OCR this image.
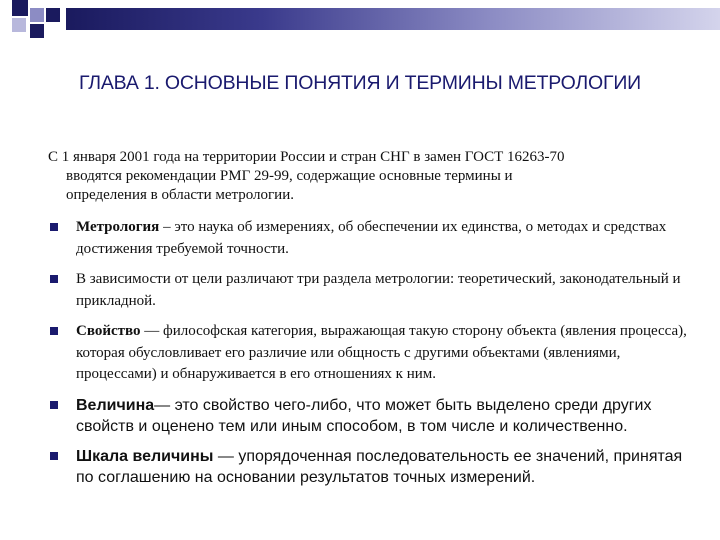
ГЛАВА 1. ОСНОВНЫЕ ПОНЯТИЯ И ТЕРМИНЫ МЕТРОЛОГИИ

С 1 января 2001 года на территории России и стран СНГ в замен ГОСТ 16263-70
вводятся рекомендации РМГ 29-99, содержащие основные термины и
определения в области метрологии.

Метрология – это наука об измерениях, об обеспечении их единства, о методах и средствах достижения требуемой точности.
В зависимости от цели различают три раздела метрологии: теоретический, законодательный и прикладной.
Свойство — философская категория, выражающая такую сторону объекта (явления процесса), которая обусловливает его различие или общность с другими объектами (явлениями, процессами) и обнаруживается в его отношениях к ним.
Величина— это свойство чего-либо, что может быть выделено среди других свойств и оценено тем или иным способом, в том числе и количественно.
Шкала величины — упорядоченная последовательность ее значений, принятая по соглашению на основании результатов точных измерений.
